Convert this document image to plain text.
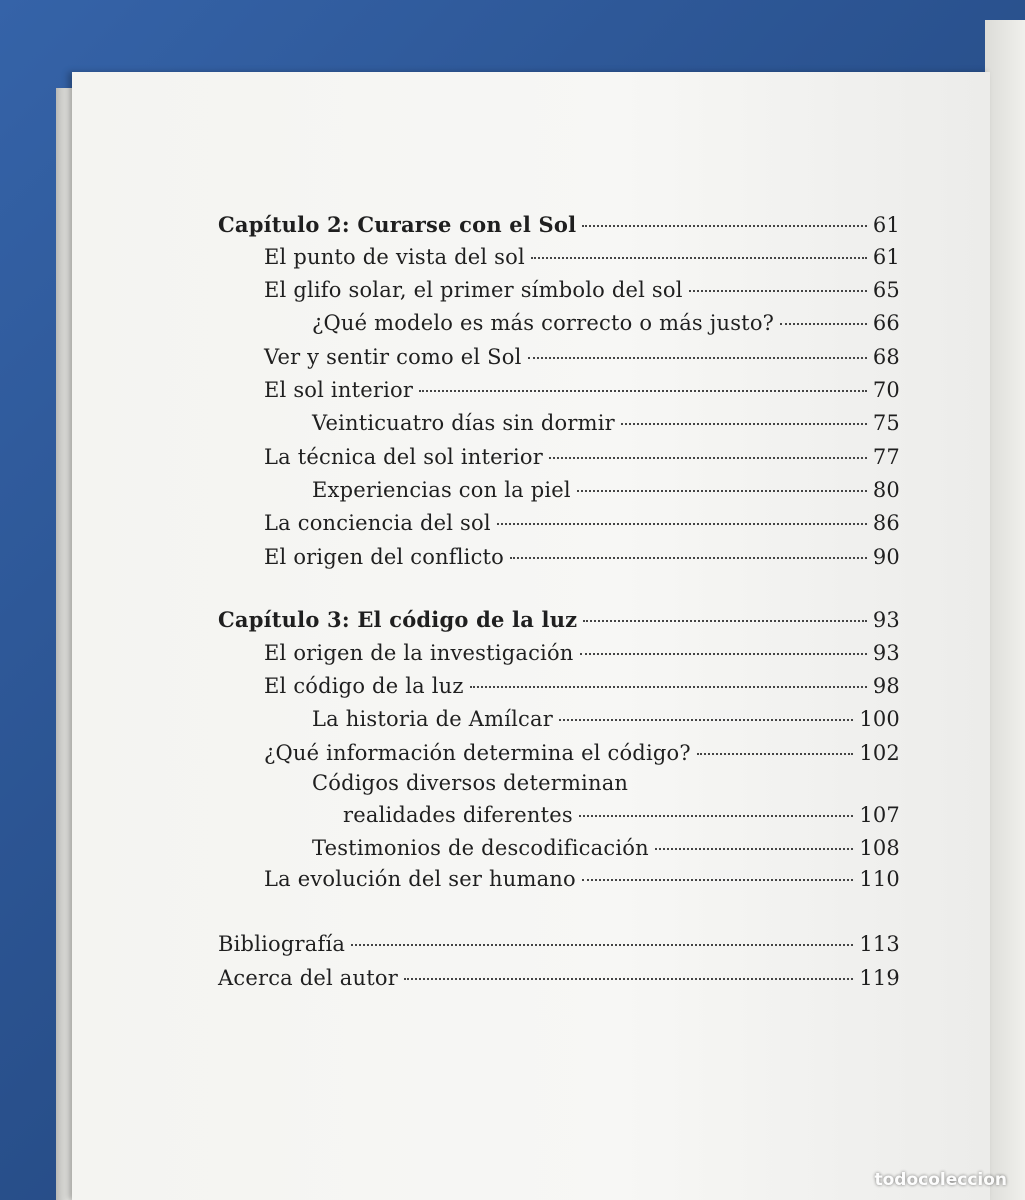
Capítulo 2: Curarse con el Sol	61
El punto de vista del sol	61
El glifo solar, el primer símbolo del sol	65
¿Qué modelo es más correcto o más justo?	66
Ver y sentir como el Sol	68
El sol interior	70
Veinticuatro días sin dormir	75
La técnica del sol interior	77
Experiencias con la piel	80
La conciencia del sol	86
El origen del conflicto	90
Capítulo 3: El código de la luz	93
El origen de la investigación	93
El código de la luz	98
La historia de Amílcar	100
¿Qué información determina el código?	102
Códigos diversos determinan
realidades diferentes	107
Testimonios de descodificación	108
La evolución del ser humano	110
Bibliografía	113
Acerca del autor	119
todocoleccion
